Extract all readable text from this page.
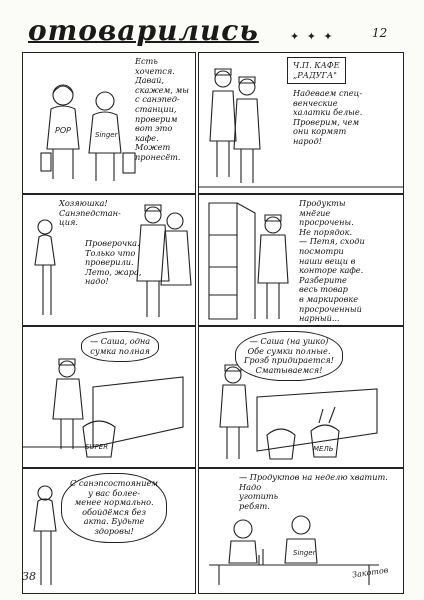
отоварились	✦ ✦ ✦	12
POP	Singer
Есть хочется.
Давай,
скажем, мы
с санэпед-
станции,
проверим
вот это
кафе.
Может
пронесёт.
Ч.П. КАФЕ
„РАДУГА"
Надеваем спец-
венческие
халатки белые.
Проверим, чем
они кормят
народ!
Хозяюшка!
Санэпедстан-
ция.
Проверочка.
Только что
проверили.
Лето, жара,
надо!
Продукты
мнёгие
просрочены.
Не порядок.
— Петя, сходи
посмотри
наши вещи в
конторе кафе.
Разберите
весь товар
в маркировке
просроченный
нарный...
SUPER
— Саша, одна
сумка полная
МЕЛЬ
— Саша (на ушко)
Обе сумки полные.
Грозб придирается!
Сматываемся!
С санэпсостоянием
у вас более-
менее нормально.
обойдёмся без
акта. Будьте
здоровы!
Singer
— Продуктов на неделю хватит.
Надо
уготить
ребят.
38	Закотов
